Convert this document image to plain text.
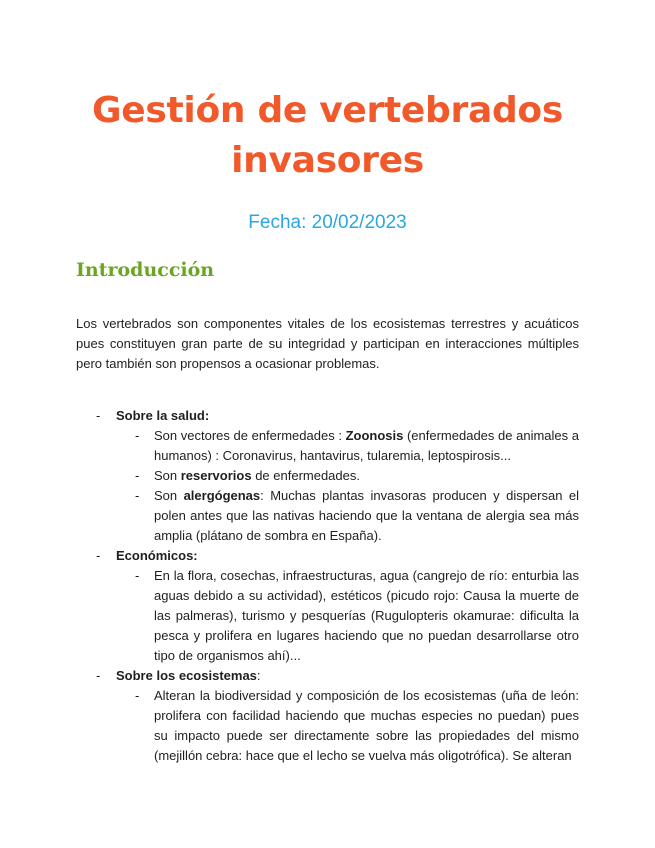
Gestión de vertebrados invasores

Fecha: 20/02/2023

Introducción

Los vertebrados son componentes vitales de los ecosistemas terrestres y acuáticos pues constituyen gran parte de su integridad y participan en interacciones múltiples pero también son propensos a ocasionar problemas.

- Sobre la salud:
- Son vectores de enfermedades : Zoonosis (enfermedades de animales a humanos) : Coronavirus, hantavirus, tularemia, leptospirosis...
- Son reservorios de enfermedades.
- Son alergógenas: Muchas plantas invasoras producen y dispersan el polen antes que las nativas haciendo que la ventana de alergia sea más amplia (plátano de sombra en España).
- Económicos:
- En la flora, cosechas, infraestructuras, agua (cangrejo de río: enturbia las aguas debido a su actividad), estéticos (picudo rojo: Causa la muerte de las palmeras), turismo y pesquerías (Rugulopteris okamurae: dificulta la pesca y prolifera en lugares haciendo que no puedan desarrollarse otro tipo de organismos ahí)...
- Sobre los ecosistemas:
- Alteran la biodiversidad y composición de los ecosistemas (uña de león: prolifera con facilidad haciendo que muchas especies no puedan) pues su impacto puede ser directamente sobre las propiedades del mismo (mejillón cebra: hace que el lecho se vuelva más oligotrófica). Se alteran
